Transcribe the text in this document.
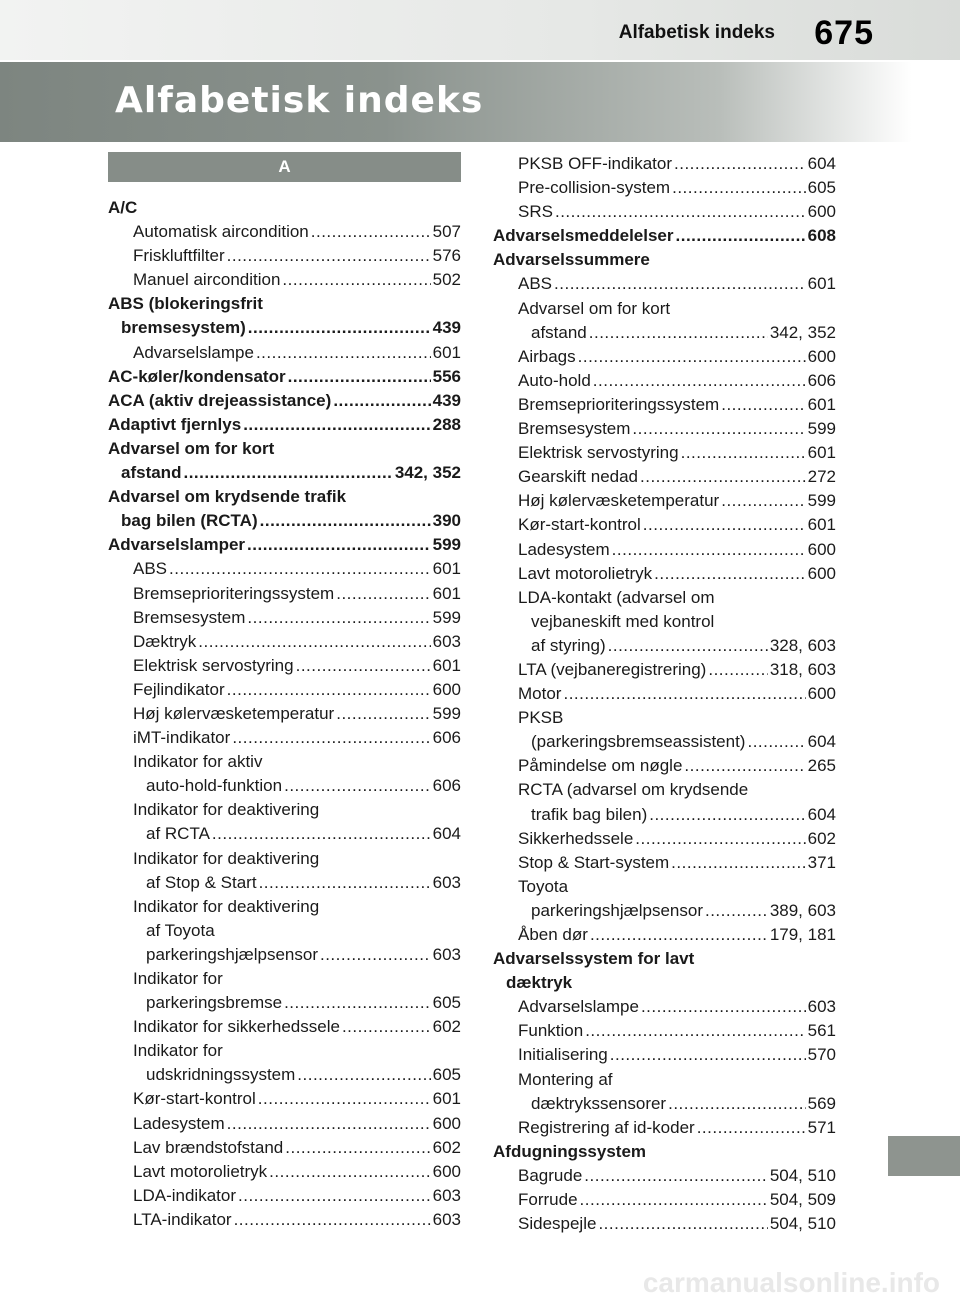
Alfabetisk indeks 675
Alfabetisk indeks
A
A/C
Automatisk aircondition .....	507
Friskluftfilter .....	576
Manuel aircondition .....	502
ABS (blokeringsfrit
bremsesystem) .....	439
Advarselslampe .....	601
AC-køler/kondensator .....	556
ACA (aktiv drejeassistance) .....	439
Adaptivt fjernlys .....	288
Advarsel om for kort
afstand .....	342, 352
Advarsel om krydsende trafik
bag bilen (RCTA) .....	390
Advarselslamper .....	599
ABS .....	601
Bremseprioriteringssystem .....	601
Bremsesystem .....	599
Dæktryk .....	603
Elektrisk servostyring .....	601
Fejlindikator .....	600
Høj kølervæsketemperatur .....	599
iMT-indikator .....	606
Indikator for aktiv
auto-hold-funktion .....	606
Indikator for deaktivering
af RCTA .....	604
Indikator for deaktivering
af Stop & Start .....	603
Indikator for deaktivering
af Toyota
parkeringshjælpsensor .....	603
Indikator for
parkeringsbremse .....	605
Indikator for sikkerhedssele .....	602
Indikator for
udskridningssystem .....	605
Kør-start-kontrol .....	601
Ladesystem .....	600
Lav brændstofstand .....	602
Lavt motorolietryk .....	600
LDA-indikator .....	603
LTA-indikator .....	603
PKSB OFF-indikator .....	604
Pre-collision-system .....	605
SRS .....	600
Advarselsmeddelelser .....	608
Advarselssummere
ABS .....	601
Advarsel om for kort
afstand .....	342, 352
Airbags .....	600
Auto-hold .....	606
Bremseprioriteringssystem .....	601
Bremsesystem .....	599
Elektrisk servostyring .....	601
Gearskift nedad .....	272
Høj kølervæsketemperatur .....	599
Kør-start-kontrol .....	601
Ladesystem .....	600
Lavt motorolietryk .....	600
LDA-kontakt (advarsel om
vejbaneskift med kontrol
af styring) .....	328, 603
LTA (vejbaneregistrering) .....	318, 603
Motor .....	600
PKSB
(parkeringsbremseassistent) .....	604
Påmindelse om nøgle .....	265
RCTA (advarsel om krydsende
trafik bag bilen) .....	604
Sikkerhedssele .....	602
Stop & Start-system .....	371
Toyota
parkeringshjælpsensor .....	389, 603
Åben dør .....	179, 181
Advarselssystem for lavt
dæktryk
Advarselslampe .....	603
Funktion .....	561
Initialisering .....	570
Montering af
dæktrykssensorer .....	569
Registrering af id-koder .....	571
Afdugningssystem
Bagrude .....	504, 510
Forrude .....	504, 509
Sidespejle .....	504, 510
carmanualsonline.info
